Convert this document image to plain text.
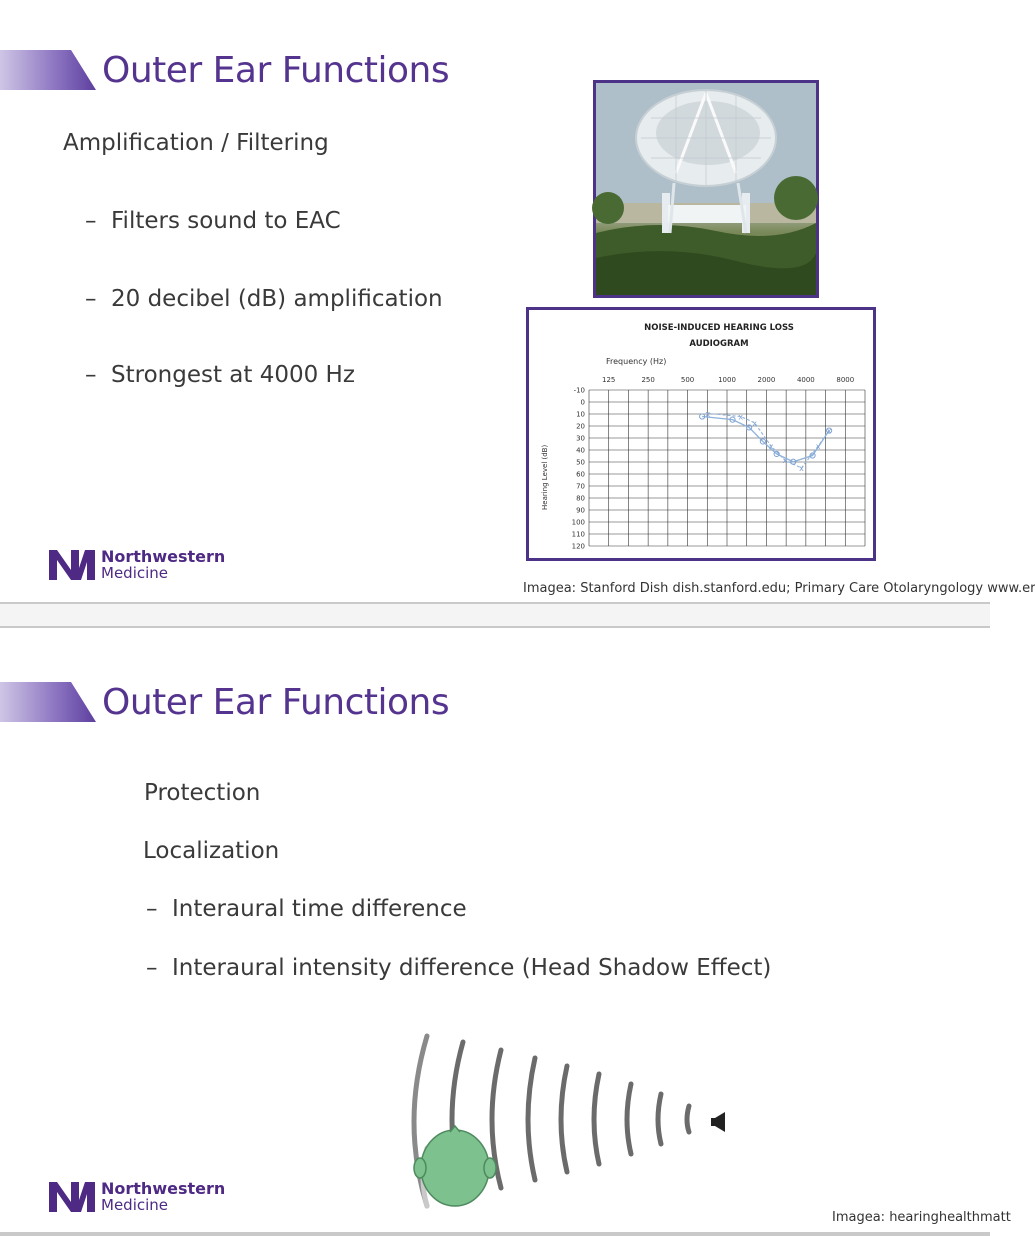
Outer Ear Functions
Amplification / Filtering
– Filters sound to EAC
– 20 decibel (dB) amplification
– Strongest at 4000 Hz
NOISE-INDUCED HEARING LOSS
AUDIOGRAM
Frequency (Hz)
Hearing Level (dB)
125	250	500	1000	2000	4000	8000
-10
0
10
20
30
40
50
60
70
80
90
100
110
120
x	x
x
x
x
x
x
x
Northwestern
Medicine
Imagea: Stanford Dish dish.stanford.edu; Primary Care Otolaryngology www.er
Outer Ear Functions
Protection
Localization
– Interaural time difference
– Interaural intensity difference (Head Shadow Effect)
Northwestern
Medicine
Imagea: hearinghealthmatt
